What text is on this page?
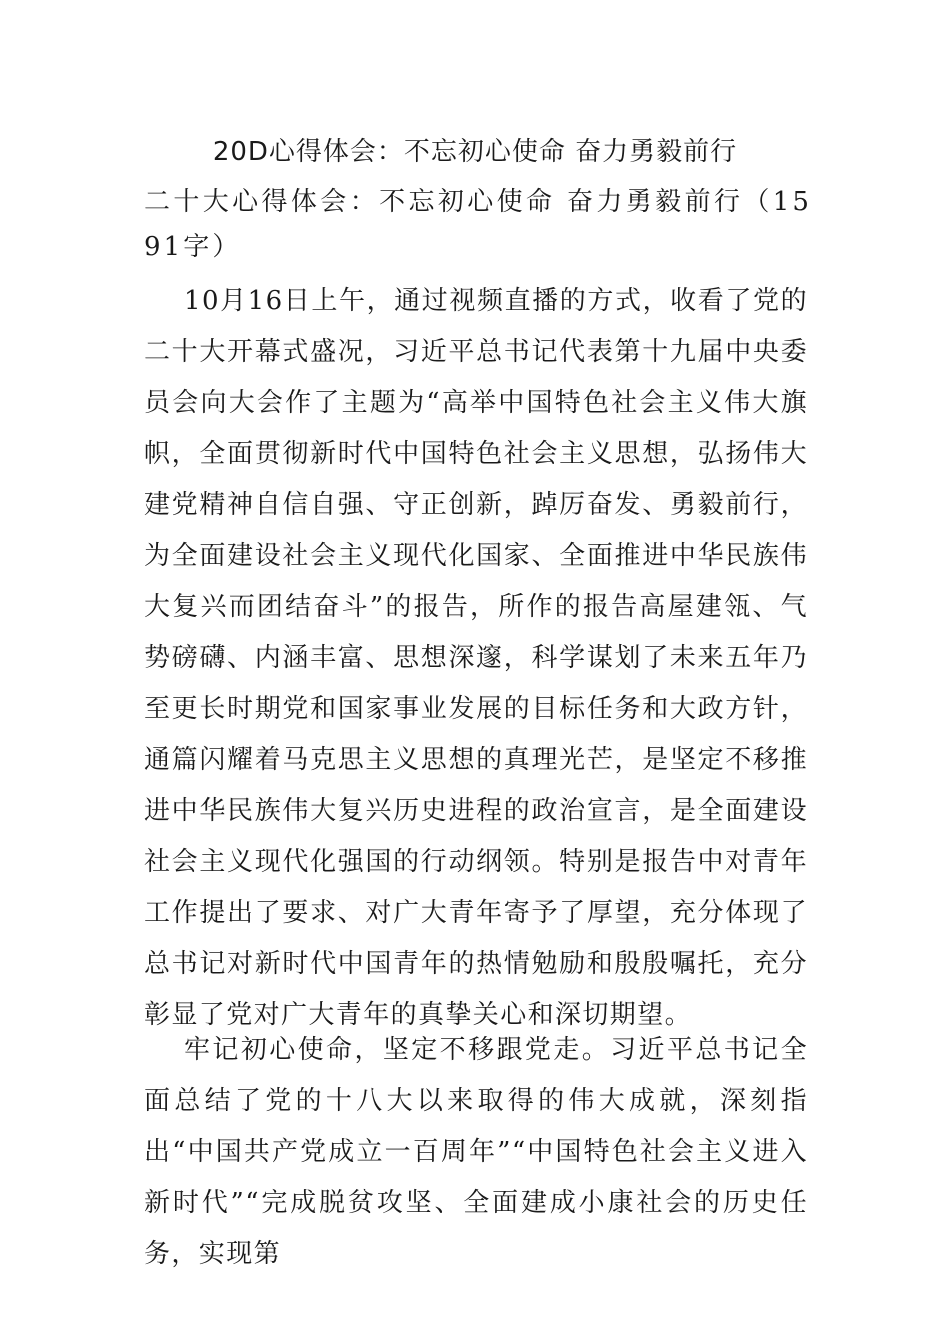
20D心得体会：不忘初心使命 奋力勇毅前行
二十大心得体会：不忘初心使命 奋力勇毅前行（1591字）

10月16日上午，通过视频直播的方式，收看了党的二十大开幕式盛况，习近平总书记代表第十九届中央委员会向大会作了主题为“高举中国特色社会主义伟大旗帜，全面贯彻新时代中国特色社会主义思想，弘扬伟大建党精神自信自强、守正创新，踔厉奋发、勇毅前行，为全面建设社会主义现代化国家、全面推进中华民族伟大复兴而团结奋斗”的报告，所作的报告高屋建瓴、气势磅礴、内涵丰富、思想深邃，科学谋划了未来五年乃至更长时期党和国家事业发展的目标任务和大政方针，通篇闪耀着马克思主义思想的真理光芒，是坚定不移推进中华民族伟大复兴历史进程的政治宣言，是全面建设社会主义现代化强国的行动纲领。特别是报告中对青年工作提出了要求、对广大青年寄予了厚望，充分体现了总书记对新时代中国青年的热情勉励和殷殷嘱托，充分彰显了党对广大青年的真挚关心和深切期望。

牢记初心使命，坚定不移跟党走。习近平总书记全面总结了党的十八大以来取得的伟大成就，深刻指出“中国共产党成立一百周年”“中国特色社会主义进入新时代”“完成脱贫攻坚、全面建成小康社会的历史任务，实现第
